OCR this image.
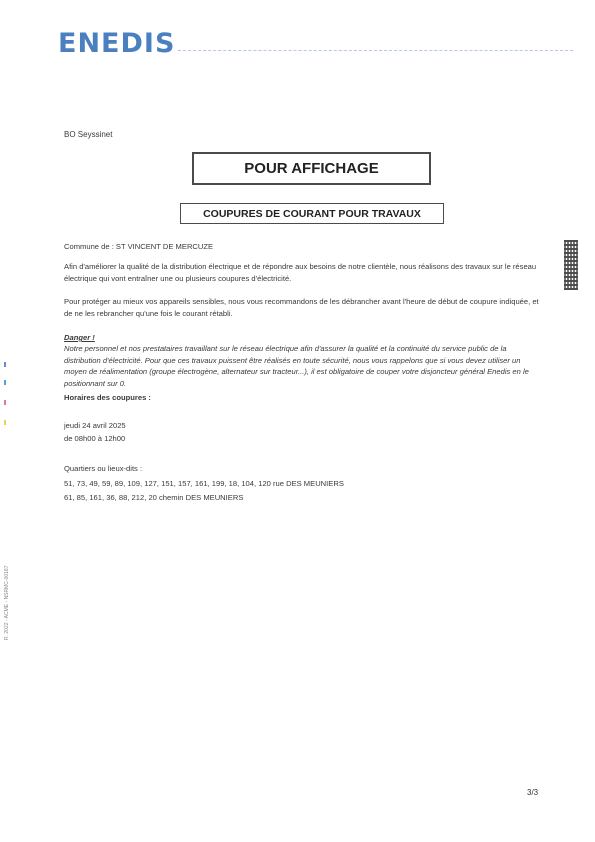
ENEDIS
BO Seyssinet
POUR AFFICHAGE
COUPURES DE COURANT POUR TRAVAUX
Commune de : ST VINCENT DE MERCUZE
Afin d'améliorer la qualité de la distribution électrique et de répondre aux besoins de notre clientèle, nous réalisons des travaux sur le réseau électrique qui vont entraîner une ou plusieurs coupures d'électricité.
Pour protéger au mieux vos appareils sensibles, nous vous recommandons de les débrancher avant l'heure de début de coupure indiquée, et de ne les rebrancher qu'une fois le courant rétabli.
Danger !
Notre personnel et nos prestataires travaillant sur le réseau électrique afin d'assurer la qualité et la continuité du service public de la distribution d'électricité. Pour que ces travaux puissent être réalisés en toute sécurité, nous vous rappelons que si vous devez utiliser un moyen de réalimentation (groupe électrogène, alternateur sur tracteur...), il est obligatoire de couper votre disjoncteur général Enedis en le positionnant sur 0.
Horaires des coupures :
jeudi 24 avril 2025
de 08h00 à 12h00
Quartiers ou lieux-dits :
51, 73, 49, 59, 89, 109, 127, 151, 157, 161, 199, 18, 104, 120 rue DES MEUNIERS
61, 85, 161, 36, 88, 212, 20 chemin DES MEUNIERS
3/3
R. 2022 - ACME - NSRMC-00187
